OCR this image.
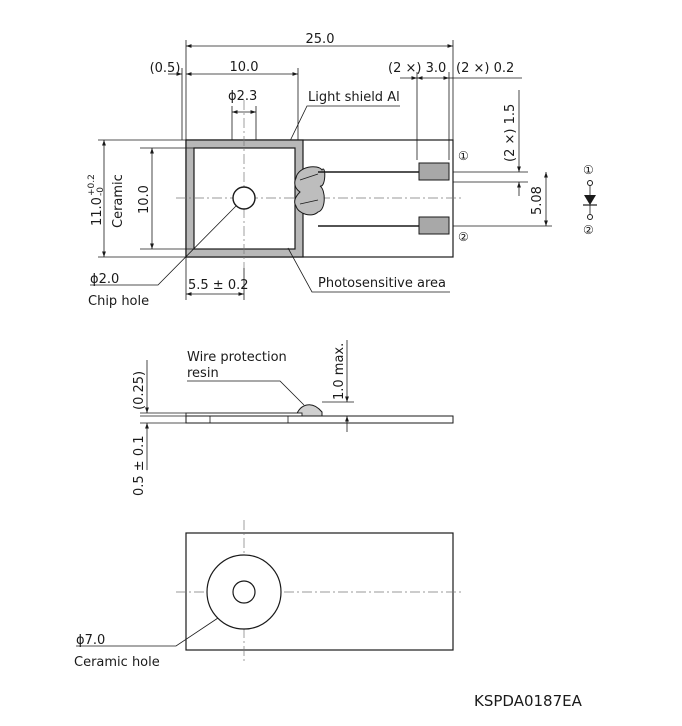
25.0
(0.5)	10.0	(2 ×) 3.0 (2 ×) 0.2
ϕ2.3	Light shield Al
①
②
(2 ×) 1.5
5.08
11.0
+0.2 -0 Ceramic 10.0
ϕ2.0
Chip hole
5.5 ± 0.2	Photosensitive area
①
②
Wire protection
resin	1.0 max.
(0.25)
0.5 ± 0.1
ϕ7.0
Ceramic hole
KSPDA0187EA
